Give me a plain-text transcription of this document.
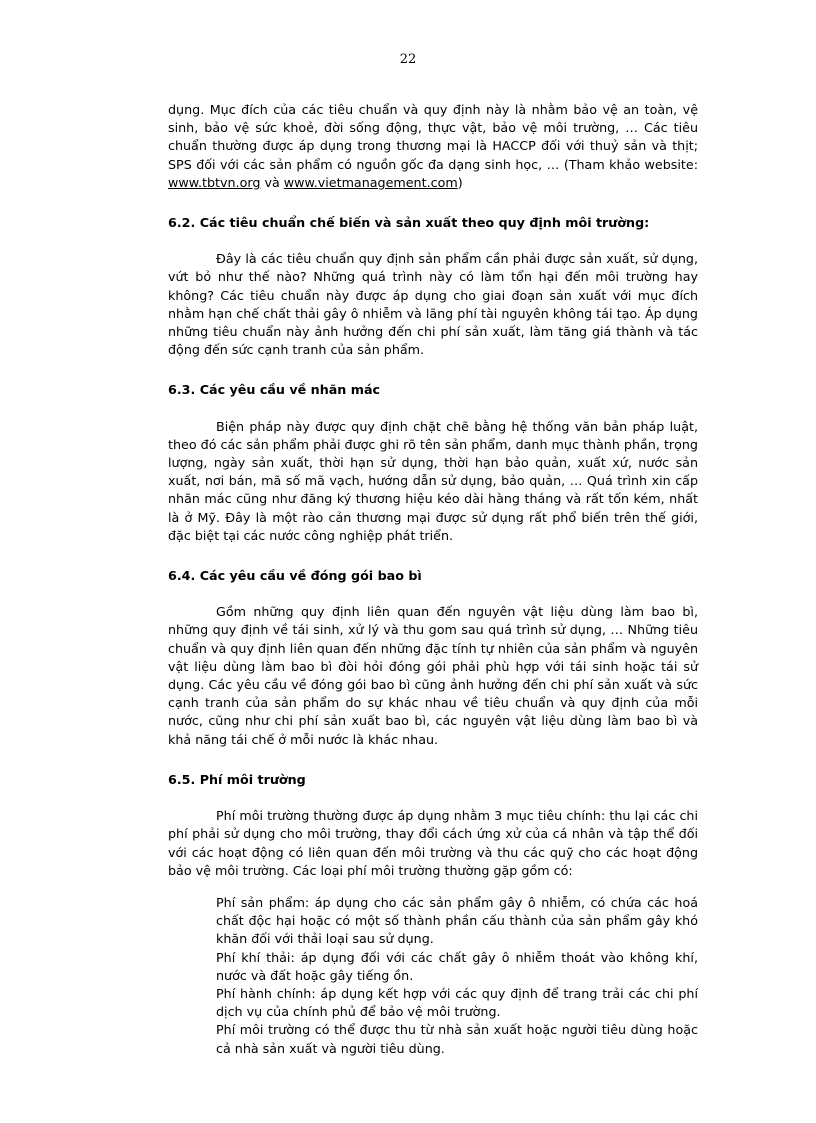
22

dụng. Mục đích của các tiêu chuẩn và quy định này là nhằm bảo vệ an toàn, vệ sinh, bảo vệ sức khoẻ, đời sống động, thực vật, bảo vệ môi trường, … Các tiêu chuẩn thường được áp dụng trong thương mại là HACCP đối với thuỷ sản và thịt; SPS đối với các sản phẩm có nguồn gốc đa dạng sinh học, … (Tham khảo website: www.tbtvn.org và www.vietmanagement.com)

6.2. Các tiêu chuẩn chế biến và sản xuất theo quy định môi trường:

Đây là các tiêu chuẩn quy định sản phẩm cần phải được sản xuất, sử dụng, vứt bỏ như thế nào? Những quá trình này có làm tổn hại đến môi trường hay không? Các tiêu chuẩn này được áp dụng cho giai đoạn sản xuất với mục đích nhằm hạn chế chất thải gây ô nhiễm và lãng phí tài nguyên không tái tạo. Áp dụng những tiêu chuẩn này ảnh hưởng đến chi phí sản xuất, làm tăng giá thành và tác động đến sức cạnh tranh của sản phẩm.

6.3. Các yêu cầu về nhãn mác

Biện pháp này được quy định chặt chẽ bằng hệ thống văn bản pháp luật, theo đó các sản phẩm phải được ghi rõ tên sản phẩm, danh mục thành phần, trọng lượng, ngày sản xuất, thời hạn sử dụng, thời hạn bảo quản, xuất xứ, nước sản xuất, nơi bán, mã số mã vạch, hướng dẫn sử dụng, bảo quản, … Quá trình xin cấp nhãn mác cũng như đăng ký thương hiệu kéo dài hàng tháng và rất tốn kém, nhất là ở Mỹ. Đây là một rào cản thương mại được sử dụng rất phổ biến trên thế giới, đặc biệt tại các nước công nghiệp phát triển.

6.4. Các yêu cầu về đóng gói bao bì

Gồm những quy định liên quan đến nguyên vật liệu dùng làm bao bì, những quy định về tái sinh, xử lý và thu gom sau quá trình sử dụng, … Những tiêu chuẩn và quy định liên quan đến những đặc tính tự nhiên của sản phẩm và nguyên vật liệu dùng làm bao bì đòi hỏi đóng gói phải phù hợp với tái sinh hoặc tái sử dụng. Các yêu cầu về đóng gói bao bì cũng ảnh hưởng đến chi phí sản xuất và sức cạnh tranh của sản phẩm do sự khác nhau về tiêu chuẩn và quy định của mỗi nước, cũng như chi phí sản xuất bao bì, các nguyên vật liệu dùng làm bao bì và khả năng tái chế ở mỗi nước là khác nhau.

6.5. Phí môi trường

Phí môi trường thường được áp dụng nhằm 3 mục tiêu chính: thu lại các chi phí phải sử dụng cho môi trường, thay đổi cách ứng xử của cá nhân và tập thể đối với các hoạt động có liên quan đến môi trường và thu các quỹ cho các hoạt động bảo vệ môi trường. Các loại phí môi trường thường gặp gồm có:

Phí sản phẩm: áp dụng cho các sản phẩm gây ô nhiễm, có chứa các hoá chất độc hại hoặc có một số thành phần cấu thành của sản phẩm gây khó khăn đối với thải loại sau sử dụng.

Phí khí thải: áp dụng đối với các chất gây ô nhiễm thoát vào không khí, nước và đất hoặc gây tiếng ồn.

Phí hành chính: áp dụng kết hợp với các quy định để trang trải các chi phí dịch vụ của chính phủ để bảo vệ môi trường.

Phí môi trường có thể được thu từ nhà sản xuất hoặc người tiêu dùng hoặc cả nhà sản xuất và người tiêu dùng.
